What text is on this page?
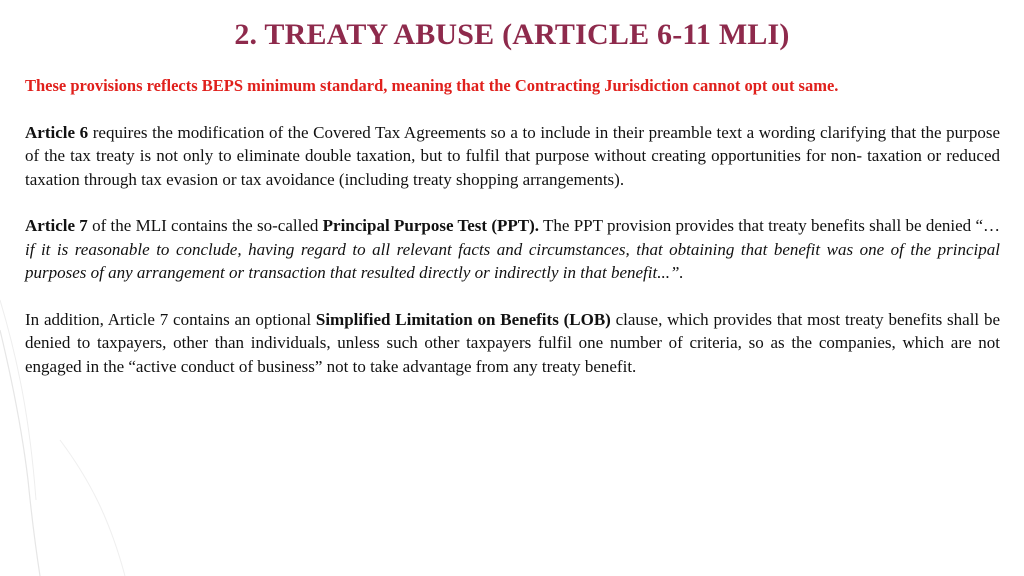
2. TREATY ABUSE (ARTICLE 6-11 MLI)
These provisions reflects BEPS minimum standard, meaning that the Contracting Jurisdiction cannot opt out same.
Article 6 requires the modification of the Covered Tax Agreements so a to include in their preamble text a wording clarifying that the purpose of the tax treaty is not only to eliminate double taxation, but to fulfil that purpose without creating opportunities for non- taxation or reduced taxation through tax evasion or tax avoidance (including treaty shopping arrangements).
Article 7 of the MLI contains the so-called Principal Purpose Test (PPT). The PPT provision provides that treaty benefits shall be denied “…if it is reasonable to conclude, having regard to all relevant facts and circumstances, that obtaining that benefit was one of the principal purposes of any arrangement or transaction that resulted directly or indirectly in that benefit...”.
In addition, Article 7 contains an optional Simplified Limitation on Benefits (LOB) clause, which provides that most treaty benefits shall be denied to taxpayers, other than individuals, unless such other taxpayers fulfil one number of criteria, so as the companies, which are not engaged in the “active conduct of business” not to take advantage from any treaty benefit.
